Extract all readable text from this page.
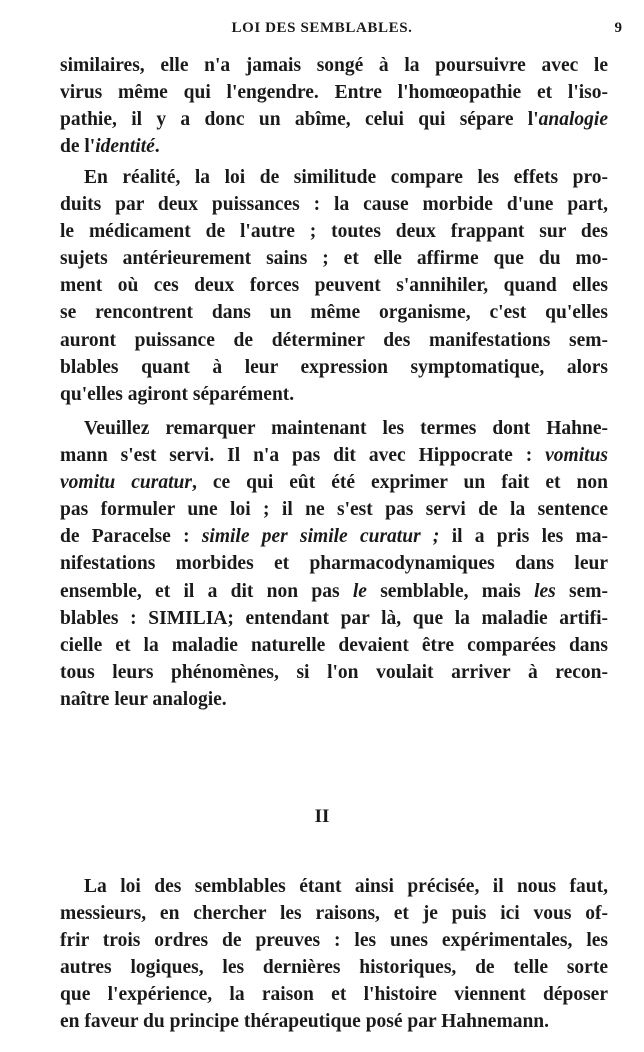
LOI DES SEMBLABLES.	9
similaires, elle n'a jamais songé à la poursuivre avec le
virus même qui l'engendre. Entre l'homœopathie et l'iso-
pathie, il y a donc un abîme, celui qui sépare l'analogie
de l'identité.
En réalité, la loi de similitude compare les effets pro-
duits par deux puissances : la cause morbide d'une part,
le médicament de l'autre ; toutes deux frappant sur des
sujets antérieurement sains ; et elle affirme que du mo-
ment où ces deux forces peuvent s'annihiler, quand elles
se rencontrent dans un même organisme, c'est qu'elles
auront puissance de déterminer des manifestations sem-
blables quant à leur expression symptomatique, alors
qu'elles agiront séparément.
Veuillez remarquer maintenant les termes dont Hahne-
mann s'est servi. Il n'a pas dit avec Hippocrate : vomitus
vomitu curatur, ce qui eût été exprimer un fait et non
pas formuler une loi ; il ne s'est pas servi de la sentence
de Paracelse : simile per simile curatur ; il a pris les ma-
nifestations morbides et pharmacodynamiques dans leur
ensemble, et il a dit non pas le semblable, mais les sem-
blables : SIMILIA; entendant par là, que la maladie artifi-
cielle et la maladie naturelle devaient être comparées dans
tous leurs phénomènes, si l'on voulait arriver à recon-
naître leur analogie.
II
La loi des semblables étant ainsi précisée, il nous faut,
messieurs, en chercher les raisons, et je puis ici vous of-
frir trois ordres de preuves : les unes expérimentales, les
autres logiques, les dernières historiques, de telle sorte
que l'expérience, la raison et l'histoire viennent déposer
en faveur du principe thérapeutique posé par Hahnemann.
